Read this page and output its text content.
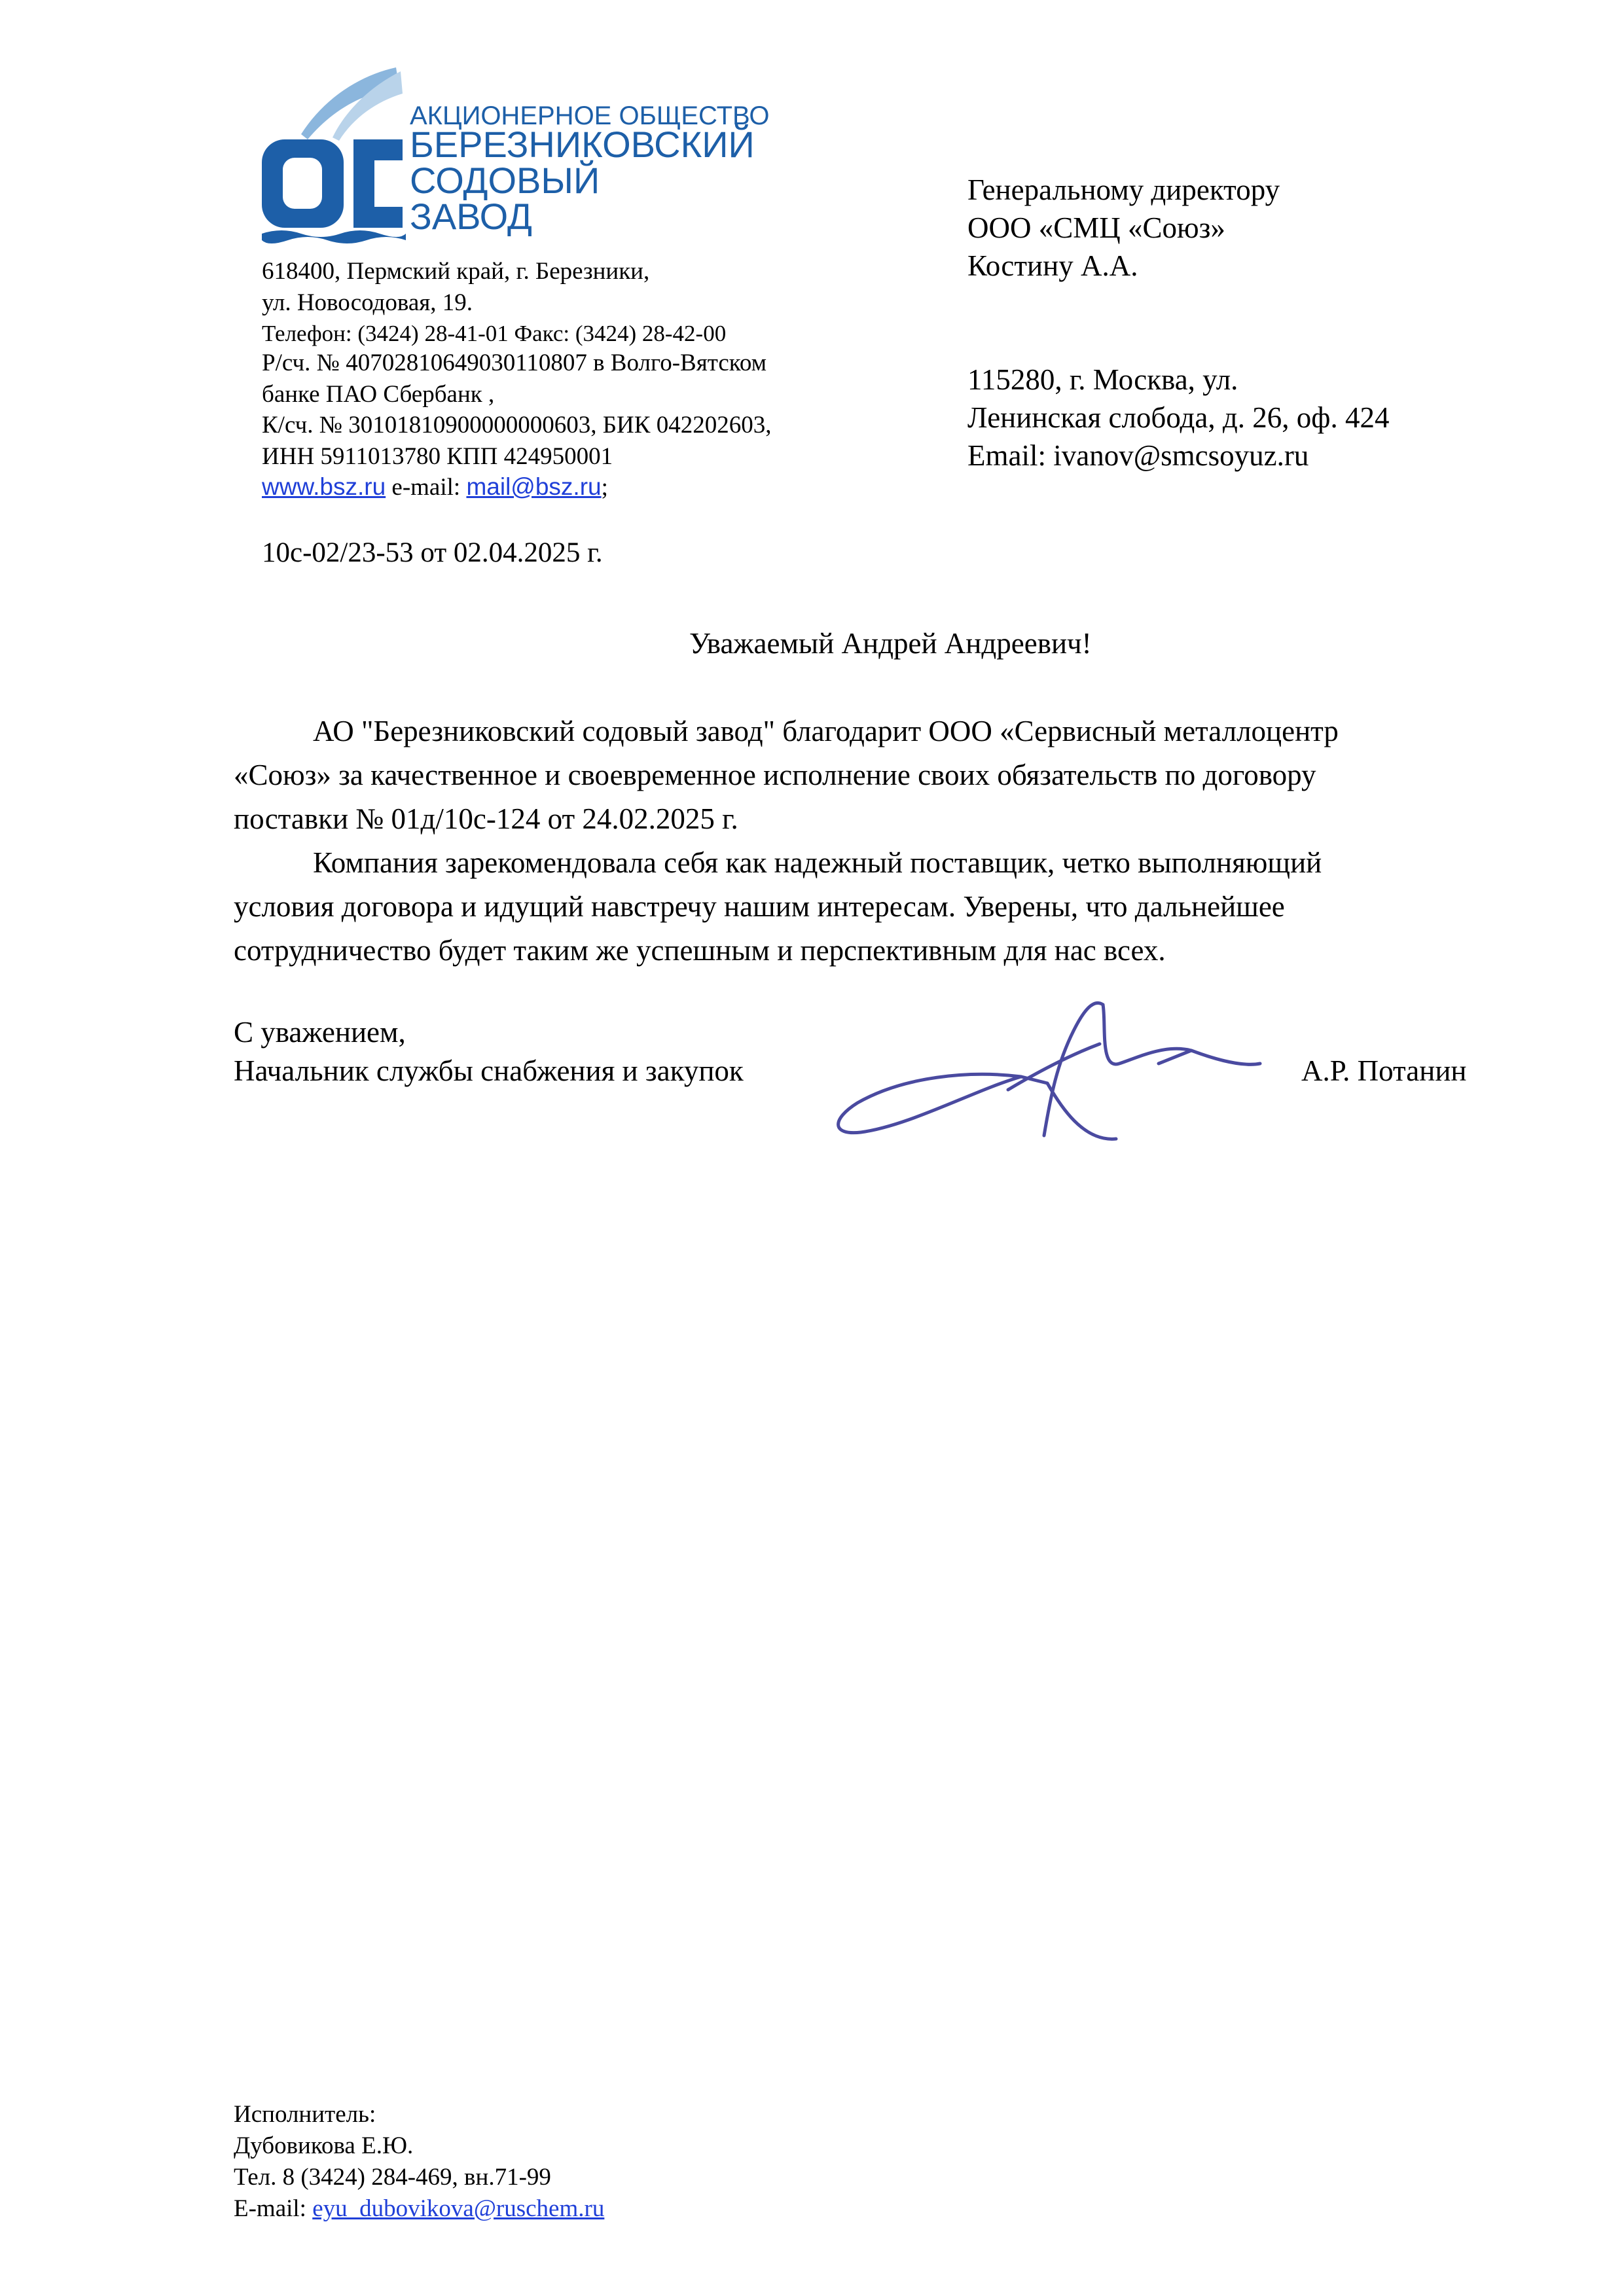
АКЦИОНЕРНОЕ ОБЩЕСТВО
БЕРЕЗНИКОВСКИЙ
СОДОВЫЙ
ЗАВОД
618400, Пермский край, г. Березники,
ул. Новосодовая, 19.
Телефон: (3424) 28-41-01 Факс: (3424) 28-42-00
Р/сч. № 40702810649030110807 в Волго-Вятском
банке ПАО Сбербанк ,
К/сч. № 30101810900000000603, БИК 042202603,
ИНН 5911013780 КПП 424950001
www.bsz.ru e-mail: mail@bsz.ru;
10с-02/23-53 от 02.04.2025 г.
Генеральному директору
ООО «СМЦ «Союз»
Костину А.А.
115280, г. Москва, ул.
Ленинская слобода, д. 26, оф. 424
Email: ivanov@smcsoyuz.ru
Уважаемый Андрей Андреевич!
АО "Березниковский содовый завод" благодарит ООО «Сервисный металлоцентр
«Союз» за качественное и своевременное исполнение своих обязательств по договору
поставки № 01д/10с-124 от 24.02.2025 г.
Компания зарекомендовала себя как надежный поставщик, четко выполняющий
условия договора и идущий навстречу нашим интересам. Уверены, что дальнейшее
сотрудничество будет таким же успешным и перспективным для нас всех.
С уважением,
Начальник службы снабжения и закупок	А.Р. Потанин
Исполнитель:
Дубовикова Е.Ю.
Тел. 8 (3424) 284-469, вн.71-99
E-mail: eyu_dubovikova@ruschem.ru
